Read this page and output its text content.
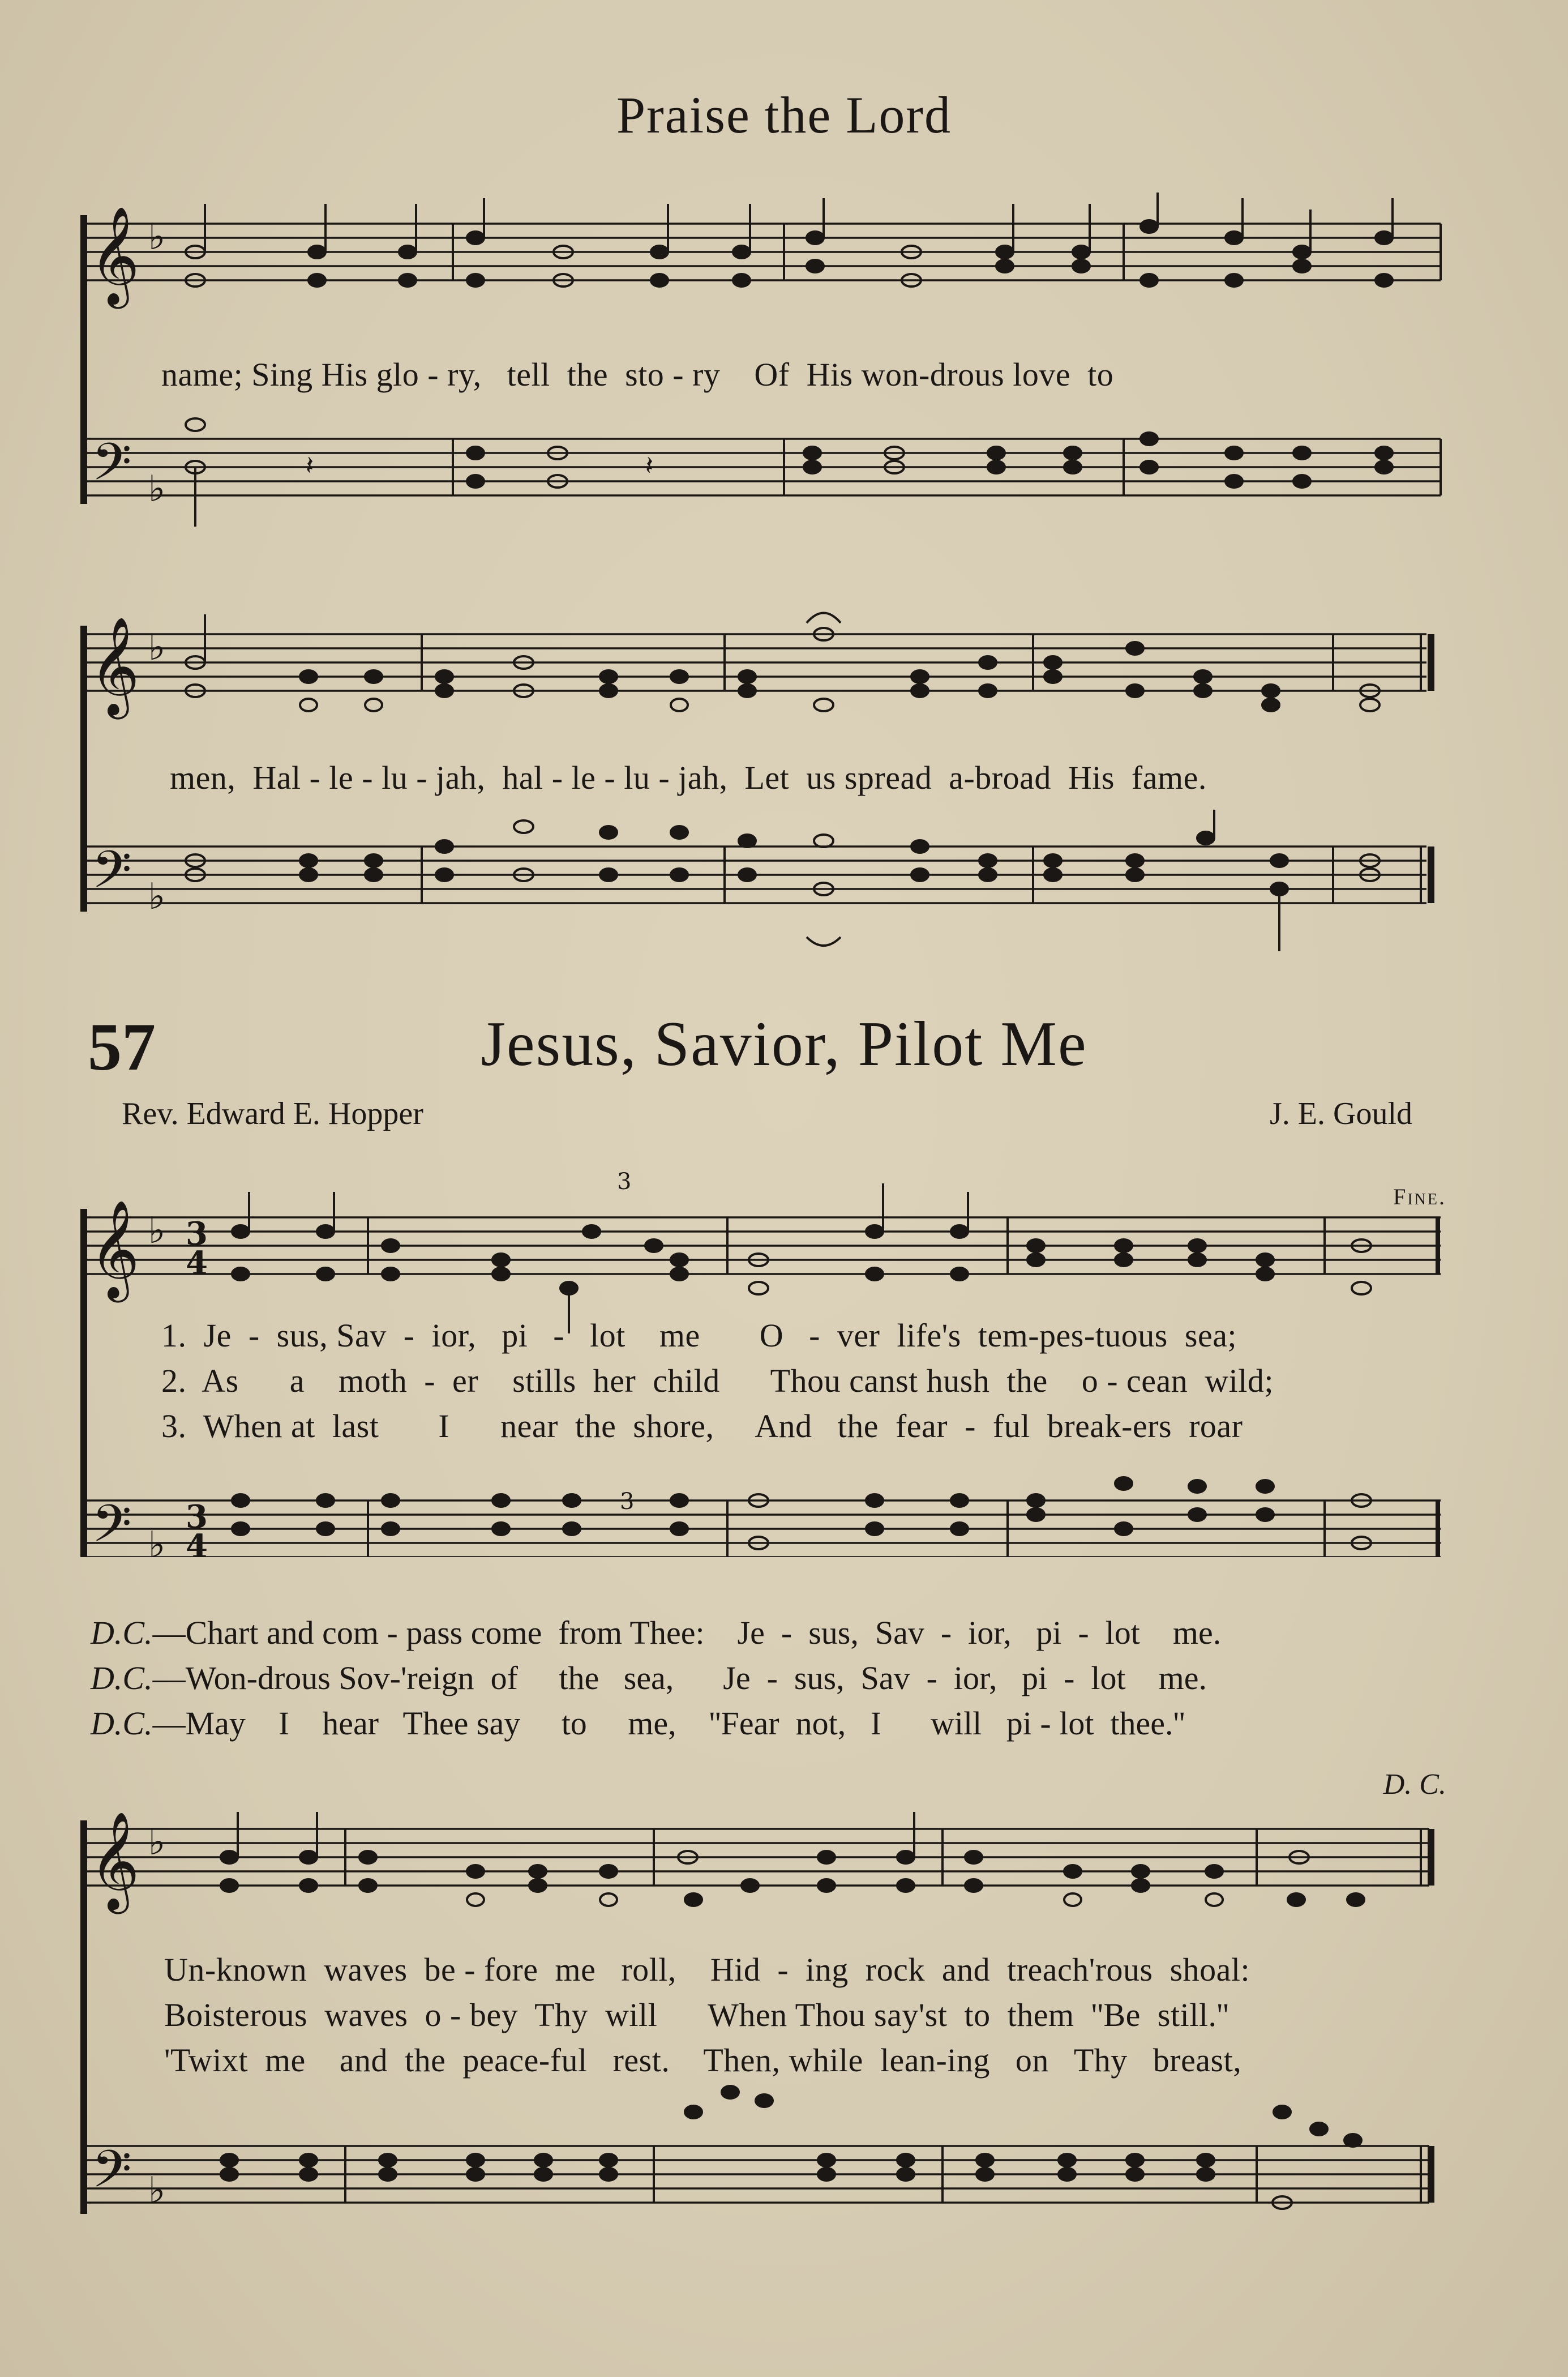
Praise the Lord
𝄞
𝄢
♭
♭
𝄽	𝄽
name; Sing His glo - ry,   tell  the  sto - ry    Of  His won-drous love  to
𝄞
𝄢
♭
♭
men,  Hal - le - lu - jah,  hal - le - lu - jah,  Let  us spread  a-broad  His  fame.
57	Jesus, Savior, Pilot Me
Rev. Edward E. Hopper	J. E. Gould
Fine.
𝄞
𝄢
♭
♭
3
4
3
4
3
3
1.  Je  -  sus, Sav  -  ior,   pi   -   lot    me       O   -  ver  life's  tem-pes-tuous  sea;
2.  As      a    moth  -  er    stills  her  child      Thou canst hush  the    o - cean  wild;
3.  When at  last       I      near  the  shore,     And   the  fear  -  ful  break-ers  roar
D.C.—Chart and com - pass come  from Thee:    Je  -  sus,  Sav  -  ior,   pi  -  lot    me.
D.C.—Won-drous Sov-'reign  of     the   sea,      Je  -  sus,  Sav  -  ior,   pi  -  lot    me.
D.C.—May    I    hear   Thee say     to     me,    ''Fear  not,   I      will   pi - lot  thee.''
D. C.
𝄞
𝄢
♭
♭
Un-known  waves  be - fore  me   roll,    Hid  -  ing  rock  and  treach'rous  shoal:
Boisterous  waves  o - bey  Thy  will      When Thou say'st  to  them  ''Be  still.''
'Twixt  me    and  the  peace-ful   rest.    Then, while  lean-ing   on   Thy   breast,
